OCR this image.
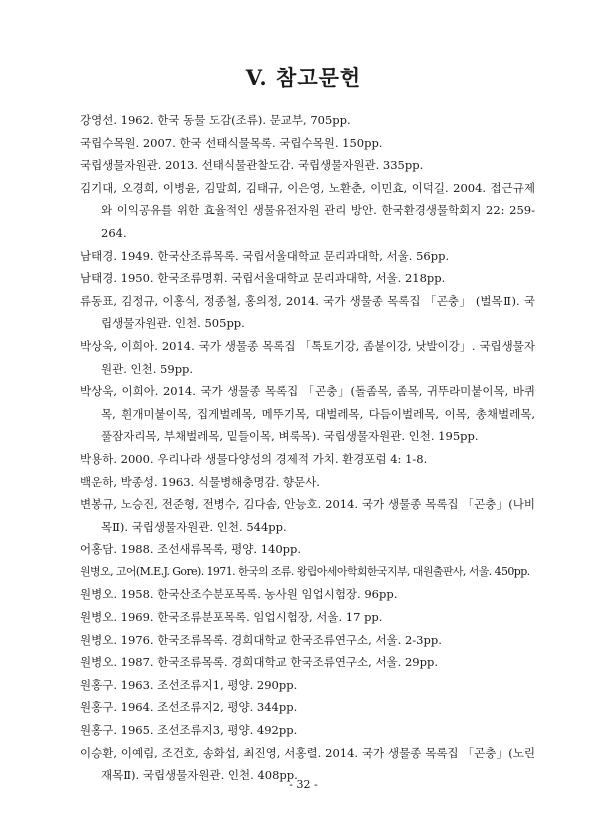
V. 참고문헌
강영선. 1962. 한국 동물 도감(조류). 문교부, 705pp.
국립수목원. 2007. 한국 선태식물목록. 국립수목원. 150pp.
국립생물자원관. 2013. 선태식물관찰도감. 국립생물자원관. 335pp.
김기대, 오경희, 이병윤, 김말희, 김태규, 이은영, 노환춘, 이민효, 이덕길. 2004. 접근규제와 이익공유를 위한 효율적인 생물유전자원 관리 방안. 한국환경생물학회지 22: 259-264.
남태경. 1949. 한국산조류목록. 국립서울대학교 문리과대학, 서울. 56pp.
남태경. 1950. 한국조류명휘. 국립서울대학교 문리과대학, 서울. 218pp.
류동표, 김정규, 이홍식, 정종철, 홍의정, 2014. 국가 생물종 목록집 「곤충」 (벌목Ⅱ). 국립생물자원관. 인천. 505pp.
박상욱, 이희아. 2014. 국가 생물종 목록집 「톡토기강, 좀붙이강, 낫발이강」. 국립생물자원관. 인천. 59pp.
박상욱, 이희아. 2014. 국가 생물종 목록집 「곤충」(돌좀목, 좀목, 귀뚜라미붙이목, 바퀴목, 흰개미붙이목, 집게벌레목, 메뚜기목, 대벌레목, 다듬이벌레목, 이목, 총채벌레목, 풀잠자리목, 부채벌레목, 밑들이목, 벼룩목). 국립생물자원관. 인천. 195pp.
박용하. 2000. 우리나라 생물다양성의 경제적 가치. 환경포럼 4: 1-8.
백운하, 박종성. 1963. 식물병해충명감. 향문사.
변봉규, 노승진, 전준형, 전병수, 김다솜, 안능호. 2014. 국가 생물종 목록집 「곤충」(나비목Ⅱ). 국립생물자원관. 인천. 544pp.
어홍담. 1988. 조선새류목록, 평양. 140pp.
원병오, 고어(M.E.J. Gore). 1971. 한국의 조류. 왕립아세아학회한국지부, 대원출판사, 서울. 450pp.
원병오. 1958. 한국산조수분포목록. 농사원 임업시험장. 96pp.
원병오. 1969. 한국조류분포목록. 임업시험장, 서울. 17 pp.
원병오. 1976. 한국조류목록. 경희대학교 한국조류연구소, 서울. 2-3pp.
원병오. 1987. 한국조류목록. 경희대학교 한국조류연구소, 서울. 29pp.
원홍구. 1963. 조선조류지1, 평양. 290pp.
원홍구. 1964. 조선조류지2, 평양. 344pp.
원홍구. 1965. 조선조류지3, 평양. 492pp.
이승환, 이예림, 조건호, 송화섭, 최진영, 서홍렬. 2014. 국가 생물종 목록집 「곤충」(노린재목Ⅱ). 국립생물자원관. 인천. 408pp.
- 32 -
